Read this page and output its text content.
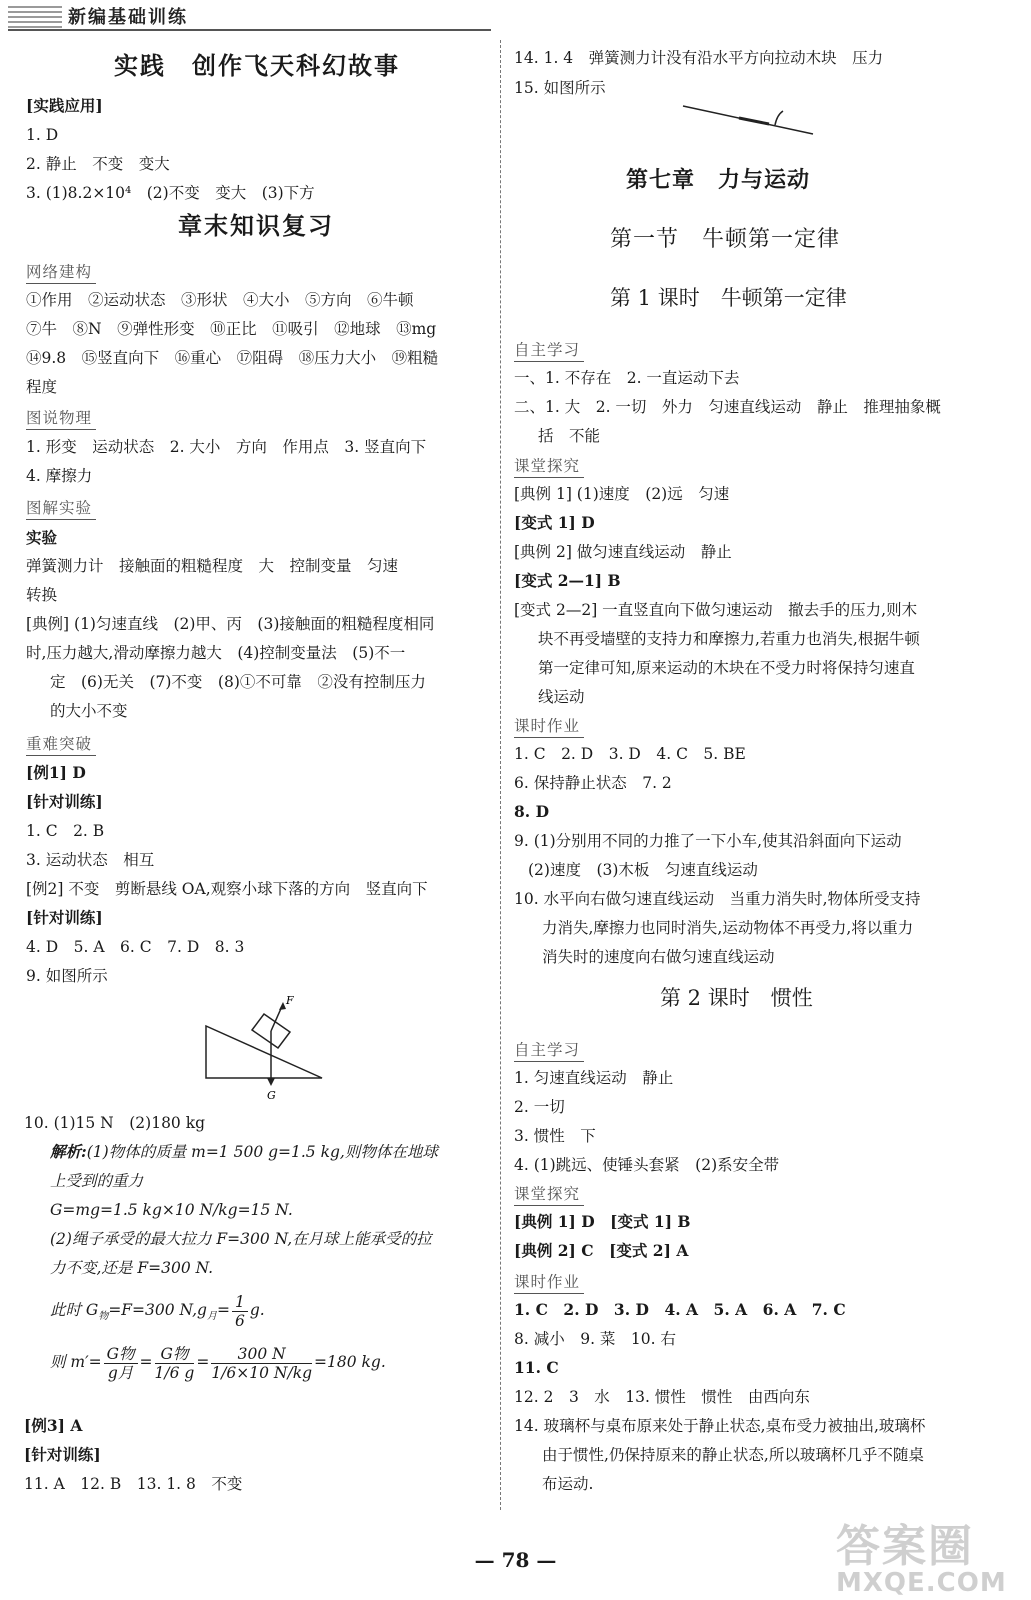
新编基础训练
实践　创作飞天科幻故事
[实践应用]
1. D
2. 静止　不变　变大
3. (1)8.2×10⁴　(2)不变　变大　(3)下方
章末知识复习
网络建构
①作用　②运动状态　③形状　④大小　⑤方向　⑥牛顿
⑦牛　⑧N　⑨弹性形变　⑩正比　⑪吸引　⑫地球　⑬mg
⑭9.8　⑮竖直向下　⑯重心　⑰阻碍　⑱压力大小　⑲粗糙
程度
图说物理
1. 形变　运动状态　2. 大小　方向　作用点　3. 竖直向下
4. 摩擦力
图解实验
实验
弹簧测力计　接触面的粗糙程度　大　控制变量　匀速
转换
[典例] (1)匀速直线　(2)甲、丙　(3)接触面的粗糙程度相同
时,压力越大,滑动摩擦力越大　(4)控制变量法　(5)不一
定　(6)无关　(7)不变　(8)①不可靠　②没有控制压力
的大小不变
重难突破
[例1] D
[针对训练]
1. C　2. B
3. 运动状态　相互
[例2] 不变　剪断悬线 OA,观察小球下落的方向　竖直向下
[针对训练]
4. D　5. A　6. C　7. D　8. 3
9. 如图所示
F
G
10. (1)15 N　(2)180 kg
解析:(1)物体的质量 m=1 500 g=1.5 kg,则物体在地球
上受到的重力
G=mg=1.5 kg×10 N/kg=15 N.
(2)绳子承受的最大拉力 F=300 N,在月球上能承受的拉
力不变,还是 F=300 N.
此时 $G_物=F=300$ $N,g_月= \frac{1}{6} g$.
则 $m'= \frac{\text{G物}}{\text{g月}} = \frac{\text{G物}}{1/6 g} = \frac{300 N}{1/6\times 10 N/kg} =180$ kg.
[例3] A
[针对训练]
11. A　12. B　13. 1. 8　不变
14. 1. 4　弹簧测力计没有沿水平方向拉动木块　压力
15. 如图所示
第七章　力与运动
第一节　牛顿第一定律
第 1 课时　牛顿第一定律
自主学习
一、1. 不存在　2. 一直运动下去
二、1. 大　2. 一切　外力　匀速直线运动　静止　推理抽象概
括　不能
课堂探究
[典例 1] (1)速度　(2)远　匀速
[变式 1] D
[典例 2] 做匀速直线运动　静止
[变式 2—1] B
[变式 2—2] 一直竖直向下做匀速运动　撤去手的压力,则木
块不再受墙壁的支持力和摩擦力,若重力也消失,根据牛顿
第一定律可知,原来运动的木块在不受力时将保持匀速直
线运动
课时作业
1. C　2. D　3. D　4. C　5. BE
6. 保持静止状态　7. 2
8. D
9. (1)分别用不同的力推了一下小车,使其沿斜面向下运动
(2)速度　(3)木板　匀速直线运动
10. 水平向右做匀速直线运动　当重力消失时,物体所受支持
力消失,摩擦力也同时消失,运动物体不再受力,将以重力
消失时的速度向右做匀速直线运动
第 2 课时　惯性
自主学习
1. 匀速直线运动　静止
2. 一切
3. 惯性　下
4. (1)跳远、使锤头套紧　(2)系安全带
课堂探究
[典例 1] D　[变式 1] B
[典例 2] C　[变式 2] A
课时作业
1. C　2. D　3. D　4. A　5. A　6. A　7. C
8. 减小　9. 菜　10. 右
11. C
12. 2　3　水　13. 惯性　惯性　由西向东
14. 玻璃杯与桌布原来处于静止状态,桌布受力被抽出,玻璃杯
由于惯性,仍保持原来的静止状态,所以玻璃杯几乎不随桌
布运动.
— 78 —	答案圈
MXQE.COM
